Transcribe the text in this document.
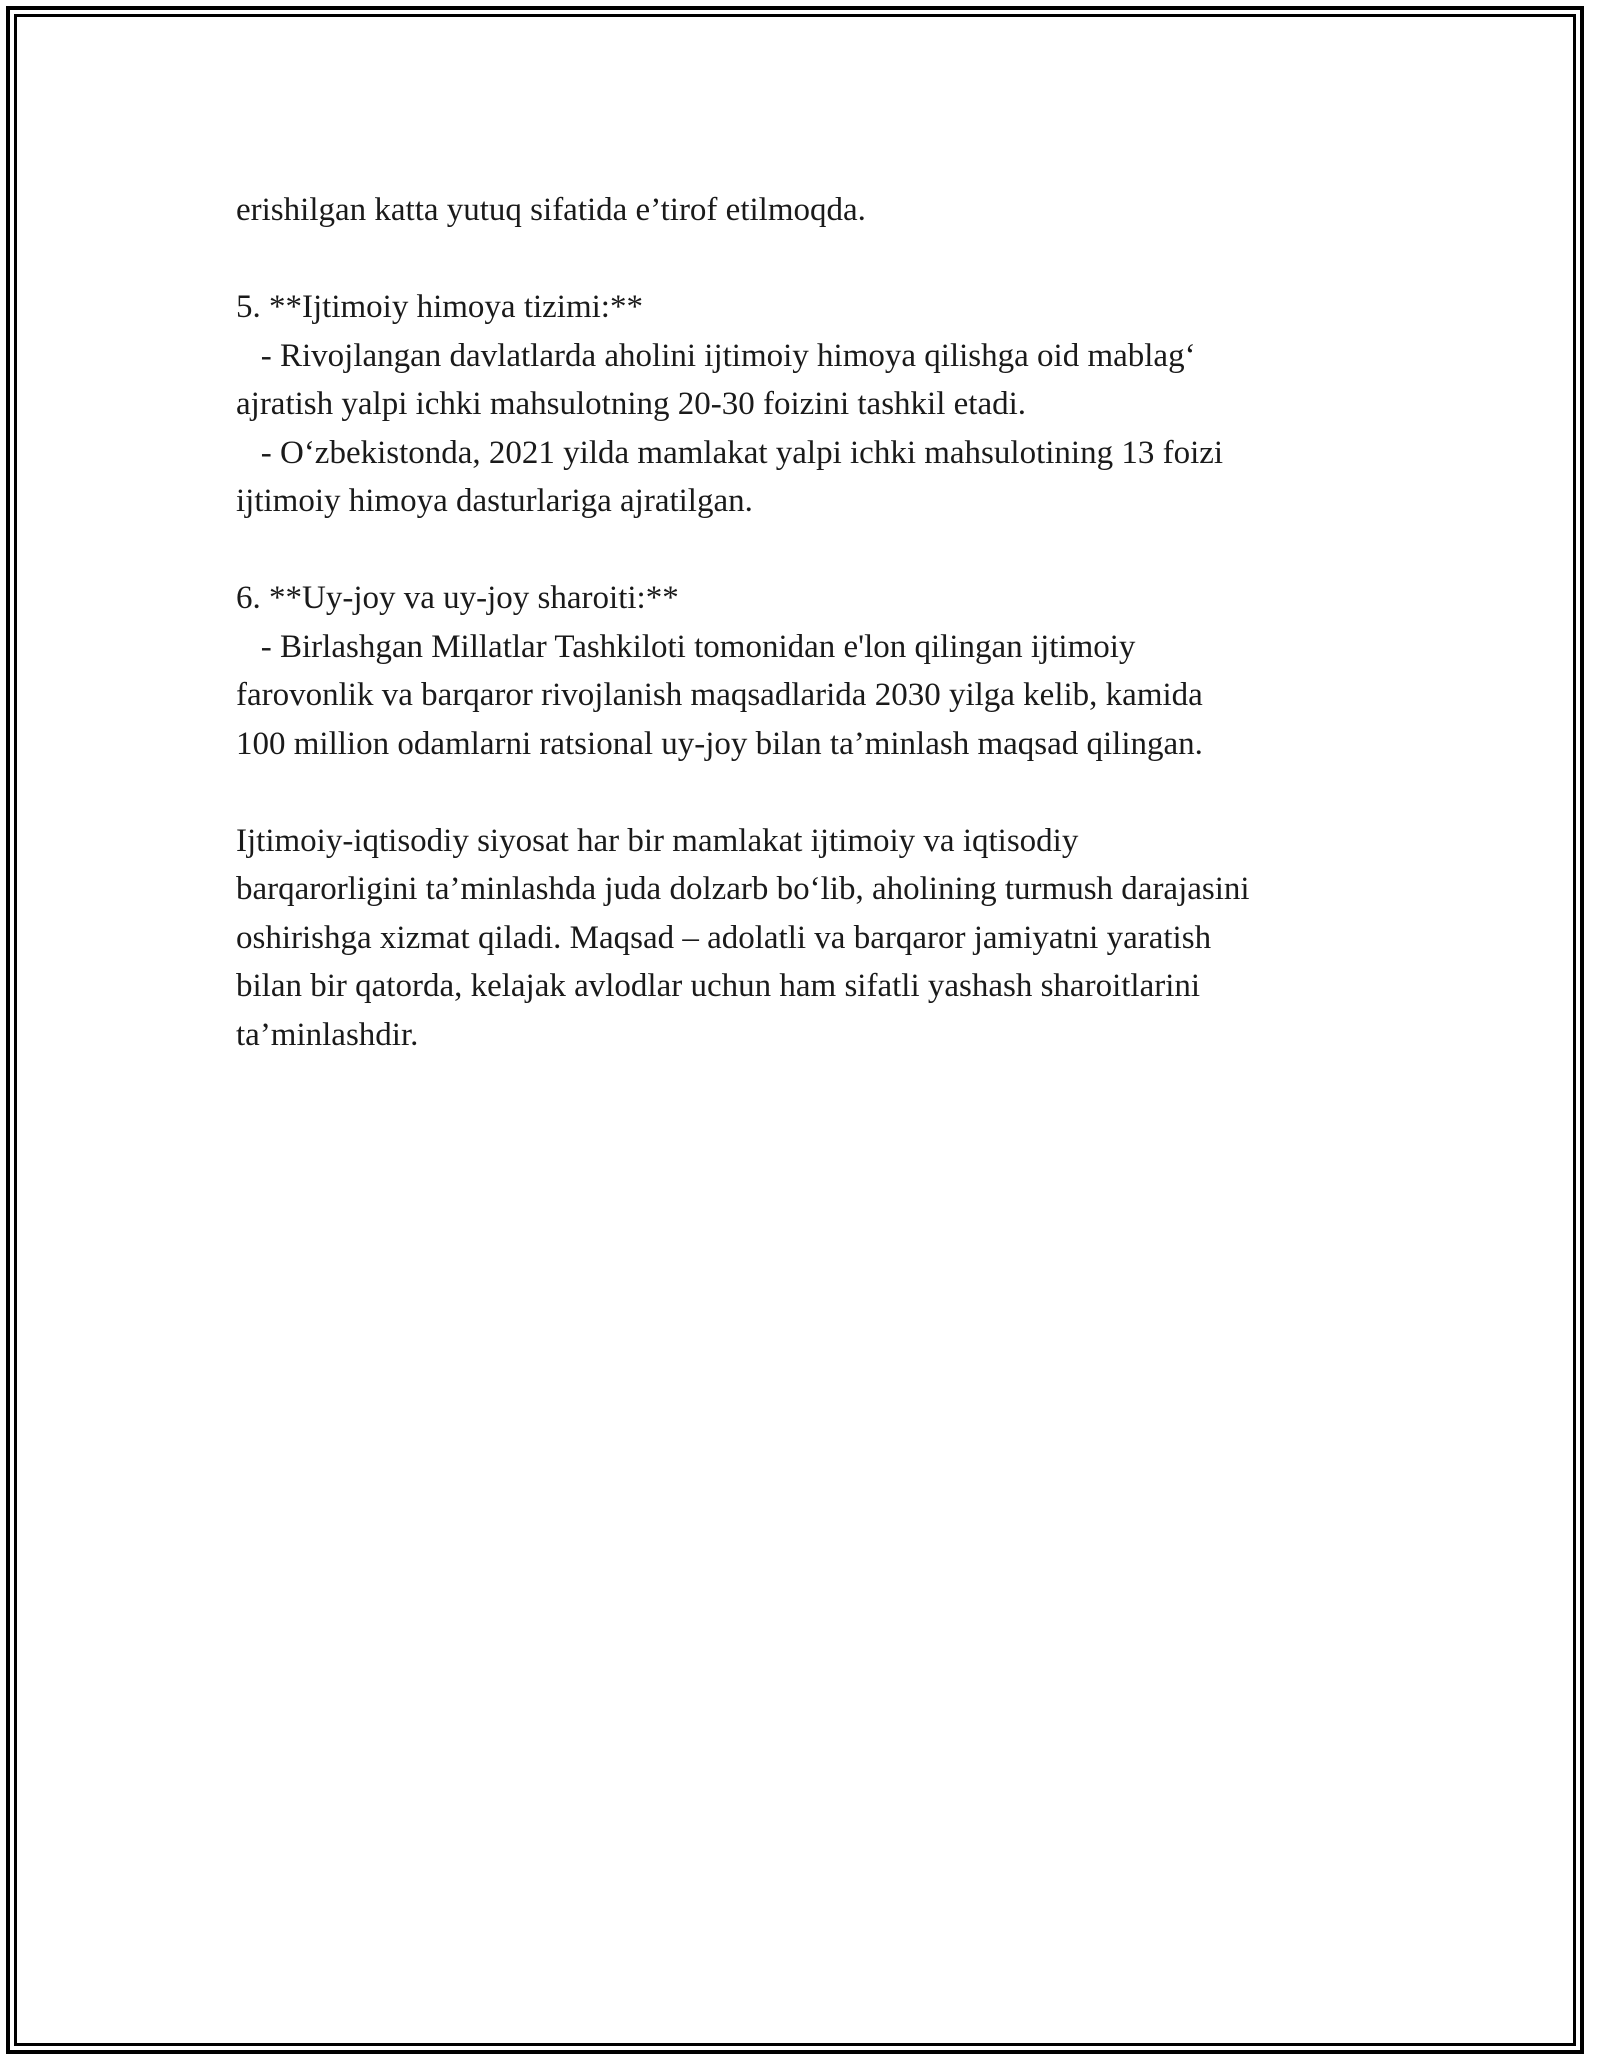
erishilgan katta yutuq sifatida e’tirof etilmoqda.
5. **Ijtimoiy himoya tizimi:**
- Rivojlangan davlatlarda aholini ijtimoiy himoya qilishga oid mablag‘
ajratish yalpi ichki mahsulotning 20-30 foizini tashkil etadi.
- O‘zbekistonda, 2021 yilda mamlakat yalpi ichki mahsulotining 13 foizi
ijtimoiy himoya dasturlariga ajratilgan.
6. **Uy-joy va uy-joy sharoiti:**
- Birlashgan Millatlar Tashkiloti tomonidan e'lon qilingan ijtimoiy
farovonlik va barqaror rivojlanish maqsadlarida 2030 yilga kelib, kamida
100 million odamlarni ratsional uy-joy bilan ta’minlash maqsad qilingan.
Ijtimoiy-iqtisodiy siyosat har bir mamlakat ijtimoiy va iqtisodiy
barqarorligini ta’minlashda juda dolzarb bo‘lib, aholining turmush darajasini
oshirishga xizmat qiladi. Maqsad – adolatli va barqaror jamiyatni yaratish
bilan bir qatorda, kelajak avlodlar uchun ham sifatli yashash sharoitlarini
ta’minlashdir.
